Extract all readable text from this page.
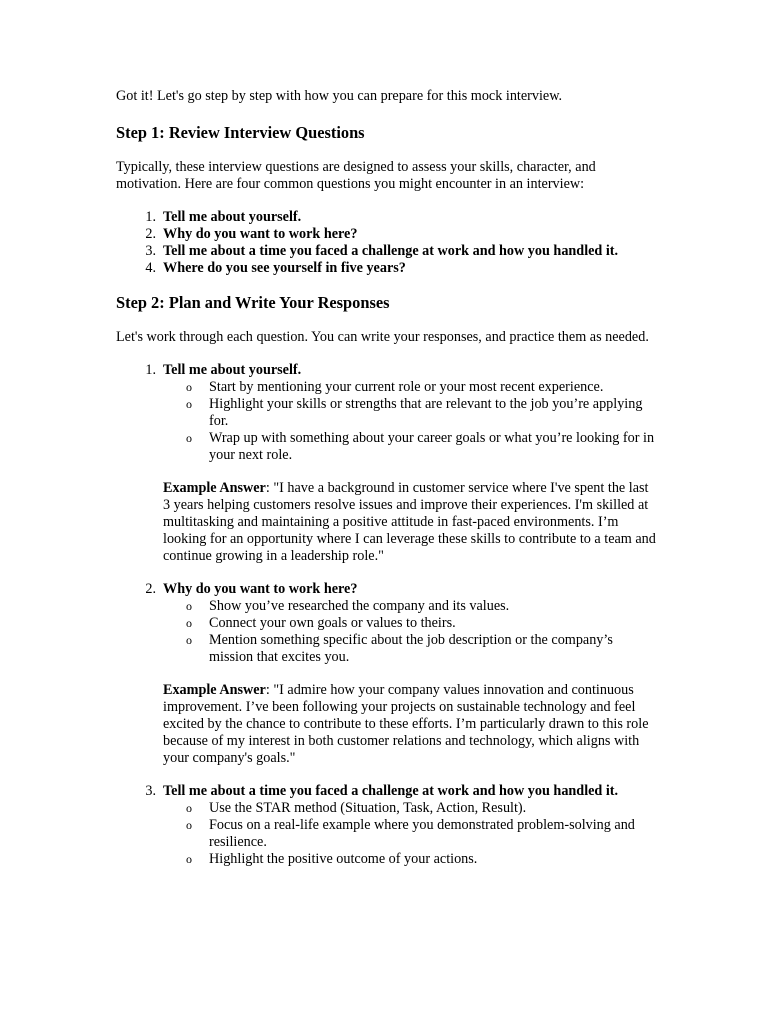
Got it! Let's go step by step with how you can prepare for this mock interview.

Step 1: Review Interview Questions

Typically, these interview questions are designed to assess your skills, character, and motivation. Here are four common questions you might encounter in an interview:

1. Tell me about yourself.
2. Why do you want to work here?
3. Tell me about a time you faced a challenge at work and how you handled it.
4. Where do you see yourself in five years?
Step 2: Plan and Write Your Responses

Let's work through each question. You can write your responses, and practice them as needed.

1. Tell me about yourself.
o Start by mentioning your current role or your most recent experience.
o Highlight your skills or strengths that are relevant to the job you’re applying for.
o Wrap up with something about your career goals or what you’re looking for in your next role.

Example Answer: "I have a background in customer service where I've spent the last 3 years helping customers resolve issues and improve their experiences. I'm skilled at multitasking and maintaining a positive attitude in fast-paced environments. I’m looking for an opportunity where I can leverage these skills to contribute to a team and continue growing in a leadership role."

2. Why do you want to work here?
o Show you’ve researched the company and its values.
o Connect your own goals or values to theirs.
o Mention something specific about the job description or the company’s mission that excites you.

Example Answer: "I admire how your company values innovation and continuous improvement. I’ve been following your projects on sustainable technology and feel excited by the chance to contribute to these efforts. I’m particularly drawn to this role because of my interest in both customer relations and technology, which aligns with your company's goals."

3. Tell me about a time you faced a challenge at work and how you handled it.
o Use the STAR method (Situation, Task, Action, Result).
o Focus on a real-life example where you demonstrated problem-solving and resilience.
o Highlight the positive outcome of your actions.
